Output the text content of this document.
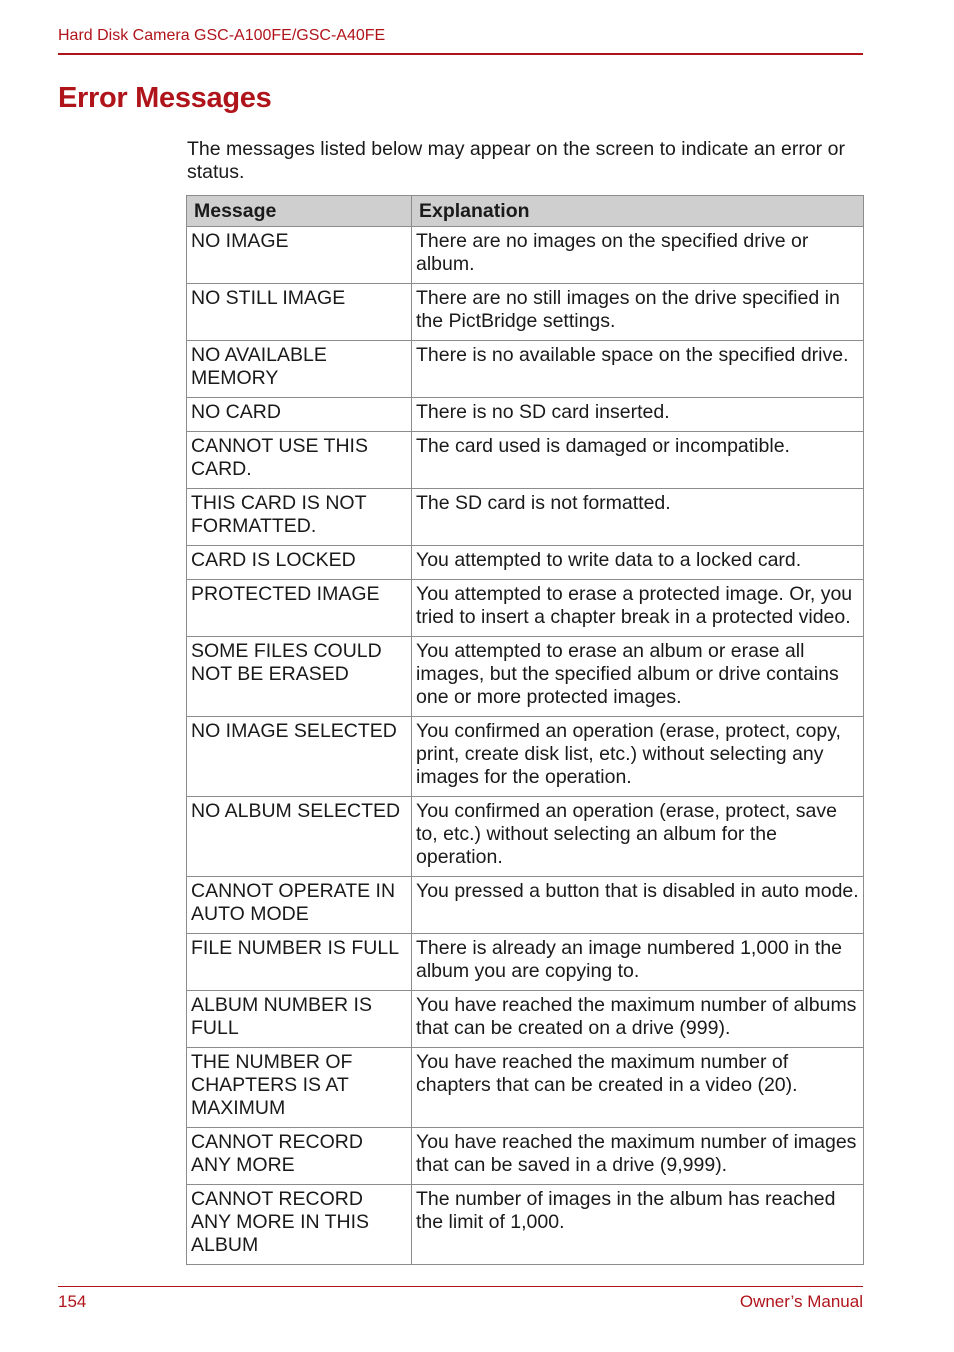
Hard Disk Camera GSC-A100FE/GSC-A40FE
Error Messages

The messages listed below may appear on the screen to indicate an error or status.

Message	Explanation
NO IMAGE	There are no images on the specified drive or album.
NO STILL IMAGE	There are no still images on the drive specified in the PictBridge settings.
NO AVAILABLE MEMORY	There is no available space on the specified drive.
NO CARD	There is no SD card inserted.
CANNOT USE THIS CARD.	The card used is damaged or incompatible.
THIS CARD IS NOT FORMATTED.	The SD card is not formatted.
CARD IS LOCKED	You attempted to write data to a locked card.
PROTECTED IMAGE	You attempted to erase a protected image. Or, you tried to insert a chapter break in a protected video.
SOME FILES COULD NOT BE ERASED	You attempted to erase an album or erase all images, but the specified album or drive contains one or more protected images.
NO IMAGE SELECTED	You confirmed an operation (erase, protect, copy, print, create disk list, etc.) without selecting any images for the operation.
NO ALBUM SELECTED	You confirmed an operation (erase, protect, save to, etc.) without selecting an album for the operation.
CANNOT OPERATE IN AUTO MODE	You pressed a button that is disabled in auto mode.
FILE NUMBER IS FULL	There is already an image numbered 1,000 in the album you are copying to.
ALBUM NUMBER IS FULL	You have reached the maximum number of albums that can be created on a drive (999).
THE NUMBER OF CHAPTERS IS AT MAXIMUM	You have reached the maximum number of chapters that can be created in a video (20).
CANNOT RECORD ANY MORE	You have reached the maximum number of images that can be saved in a drive (9,999).
CANNOT RECORD ANY MORE IN THIS ALBUM	The number of images in the album has reached the limit of 1,000.
154	Owner’s Manual
